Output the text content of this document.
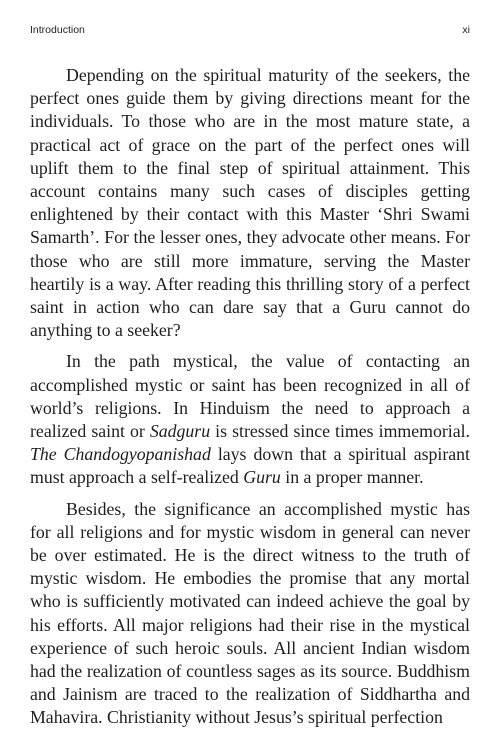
Introduction	xi

Depending on the spiritual maturity of the seekers, the perfect ones guide them by giving directions meant for the individuals. To those who are in the most mature state, a practical act of grace on the part of the perfect ones will uplift them to the final step of spiritual attainment. This account contains many such cases of disciples getting enlightened by their contact with this Master ‘Shri Swami Samarth’. For the lesser ones, they advocate other means. For those who are still more immature, serving the Master heartily is a way. After reading this thrilling story of a perfect saint in action who can dare say that a Guru cannot do anything to a seeker?

In the path mystical, the value of contacting an accomplished mystic or saint has been recognized in all of world’s religions. In Hinduism the need to approach a realized saint or Sadguru is stressed since times immemorial. The Chandogyopanishad lays down that a spiritual aspirant must approach a self-realized Guru in a proper manner.

Besides, the significance an accomplished mystic has for all religions and for mystic wisdom in general can never be over estimated. He is the direct witness to the truth of mystic wisdom. He embodies the promise that any mortal who is sufficiently motivated can indeed achieve the goal by his efforts. All major religions had their rise in the mystical experience of such heroic souls. All ancient Indian wisdom had the realization of countless sages as its source. Buddhism and Jainism are traced to the realization of Siddhartha and Mahavira. Christianity without Jesus’s spiritual perfection
